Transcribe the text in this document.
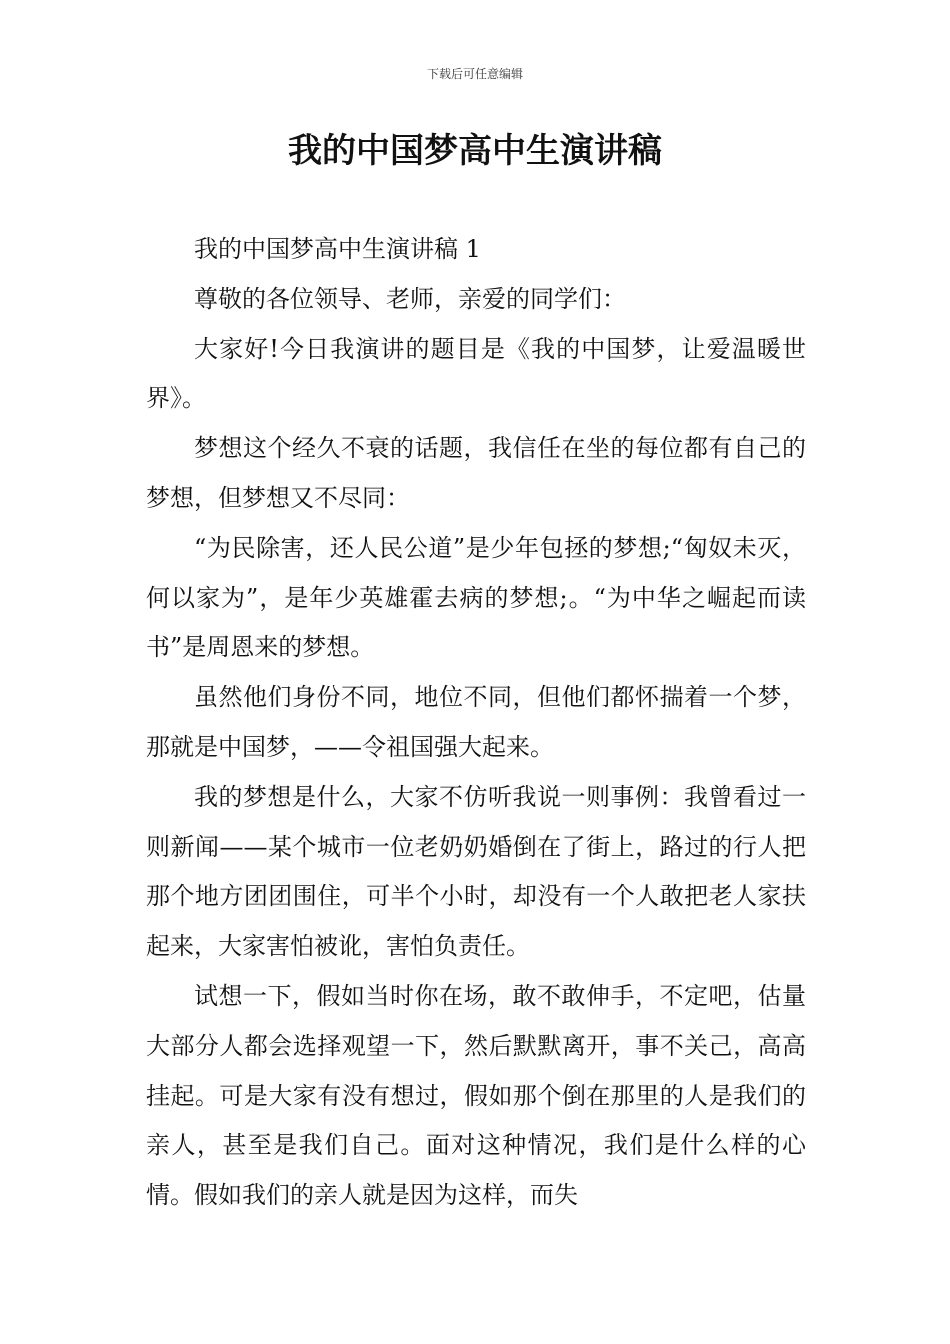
下载后可任意编辑
我的中国梦高中生演讲稿

我的中国梦高中生演讲稿 1

尊敬的各位领导、老师，亲爱的同学们：

大家好!今日我演讲的题目是《我的中国梦，让爱温暖世界》。

梦想这个经久不衰的话题，我信任在坐的每位都有自己的梦想，但梦想又不尽同：

“为民除害，还人民公道”是少年包拯的梦想;“匈奴未灭，何以家为”，是年少英雄霍去病的梦想;。“为中华之崛起而读书”是周恩来的梦想。

虽然他们身份不同，地位不同，但他们都怀揣着一个梦，那就是中国梦，——令祖国强大起来。

我的梦想是什么，大家不仿听我说一则事例：我曾看过一则新闻——某个城市一位老奶奶婚倒在了街上，路过的行人把那个地方团团围住，可半个小时，却没有一个人敢把老人家扶起来，大家害怕被讹，害怕负责任。

试想一下，假如当时你在场，敢不敢伸手，不定吧，估量大部分人都会选择观望一下，然后默默离开，事不关己，高高挂起。可是大家有没有想过，假如那个倒在那里的人是我们的亲人，甚至是我们自己。面对这种情况，我们是什么样的心情。假如我们的亲人就是因为这样，而失
